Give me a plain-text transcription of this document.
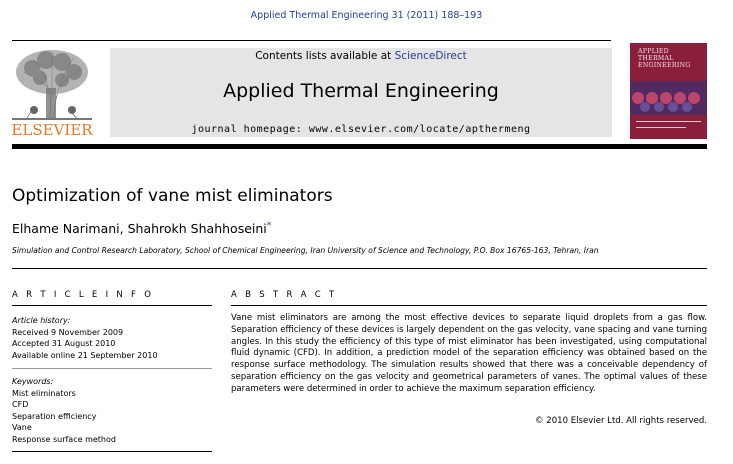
Applied Thermal Engineering 31 (2011) 188–193
ELSEVIER
Contents lists available at ScienceDirect
Applied Thermal Engineering
journal homepage: www.elsevier.com/locate/apthermeng
APPLIED
THERMAL
ENGINEERING
Optimization of vane mist eliminators
Elhame Narimani, Shahrokh Shahhoseini*
Simulation and Control Research Laboratory, School of Chemical Engineering, Iran University of Science and Technology, P.O. Box 16765-163, Tehran, Iran
A R T I C L E I N F O
Article history:
Received 9 November 2009
Accepted 31 August 2010
Available online 21 September 2010
Keywords:
Mist eliminators
CFD
Separation efficiency
Vane
Response surface method
A B S T R A C T
Vane mist eliminators are among the most effective devices to separate liquid droplets from a gas flow. Separation efficiency of these devices is largely dependent on the gas velocity, vane spacing and vane turning angles. In this study the efficiency of this type of mist eliminator has been investigated, using computational fluid dynamic (CFD). In addition, a prediction model of the separation efficiency was obtained based on the response surface methodology. The simulation results showed that there was a conceivable dependency of separation efficiency on the gas velocity and geometrical parameters of vanes. The optimal values of these parameters were determined in order to achieve the maximum separation efficiency.
© 2010 Elsevier Ltd. All rights reserved.
